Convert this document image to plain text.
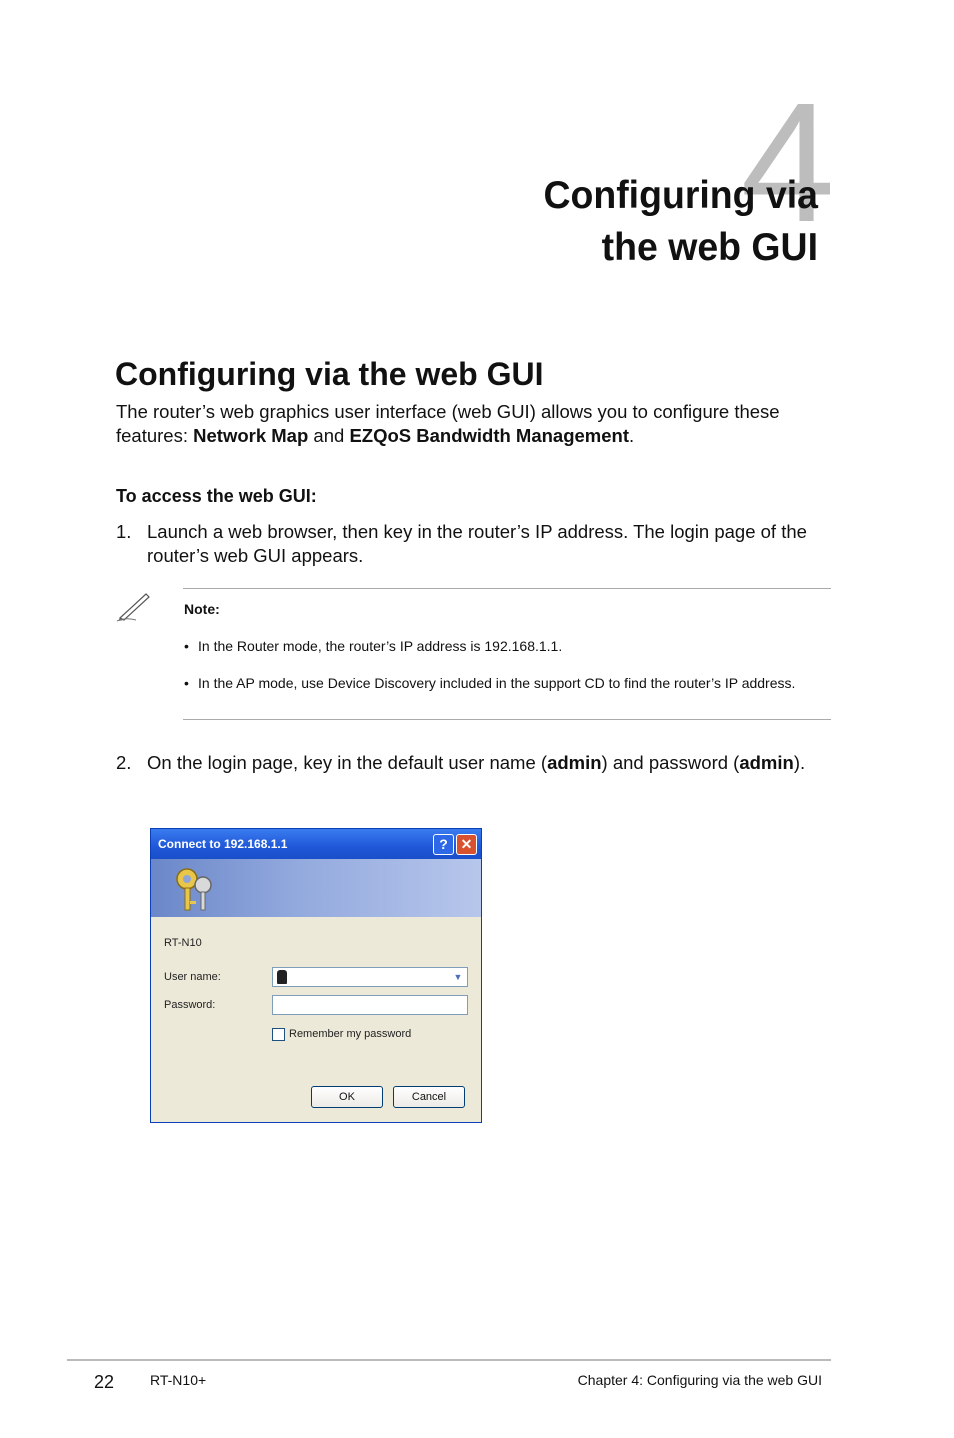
4
Configuring via
the web GUI
Configuring via the web GUI
The router’s web graphics user interface (web GUI) allows you to configure these features: Network Map and EZQoS Bandwidth Management.
To access the web GUI:
1. Launch a web browser, then key in the router’s IP address. The login page of the router’s web GUI appears.
Note:
• In the Router mode, the router’s IP address is 192.168.1.1.
• In the AP mode, use Device Discovery included in the support CD to find the router’s IP address.
2. On the login page, key in the default user name (admin) and password (admin).
Connect to 192.168.1.1	? ✕
RT-N10
User name:	▼
Password:
Remember my password
OK	Cancel
22	RT-N10+	Chapter 4: Configuring via the web GUI
